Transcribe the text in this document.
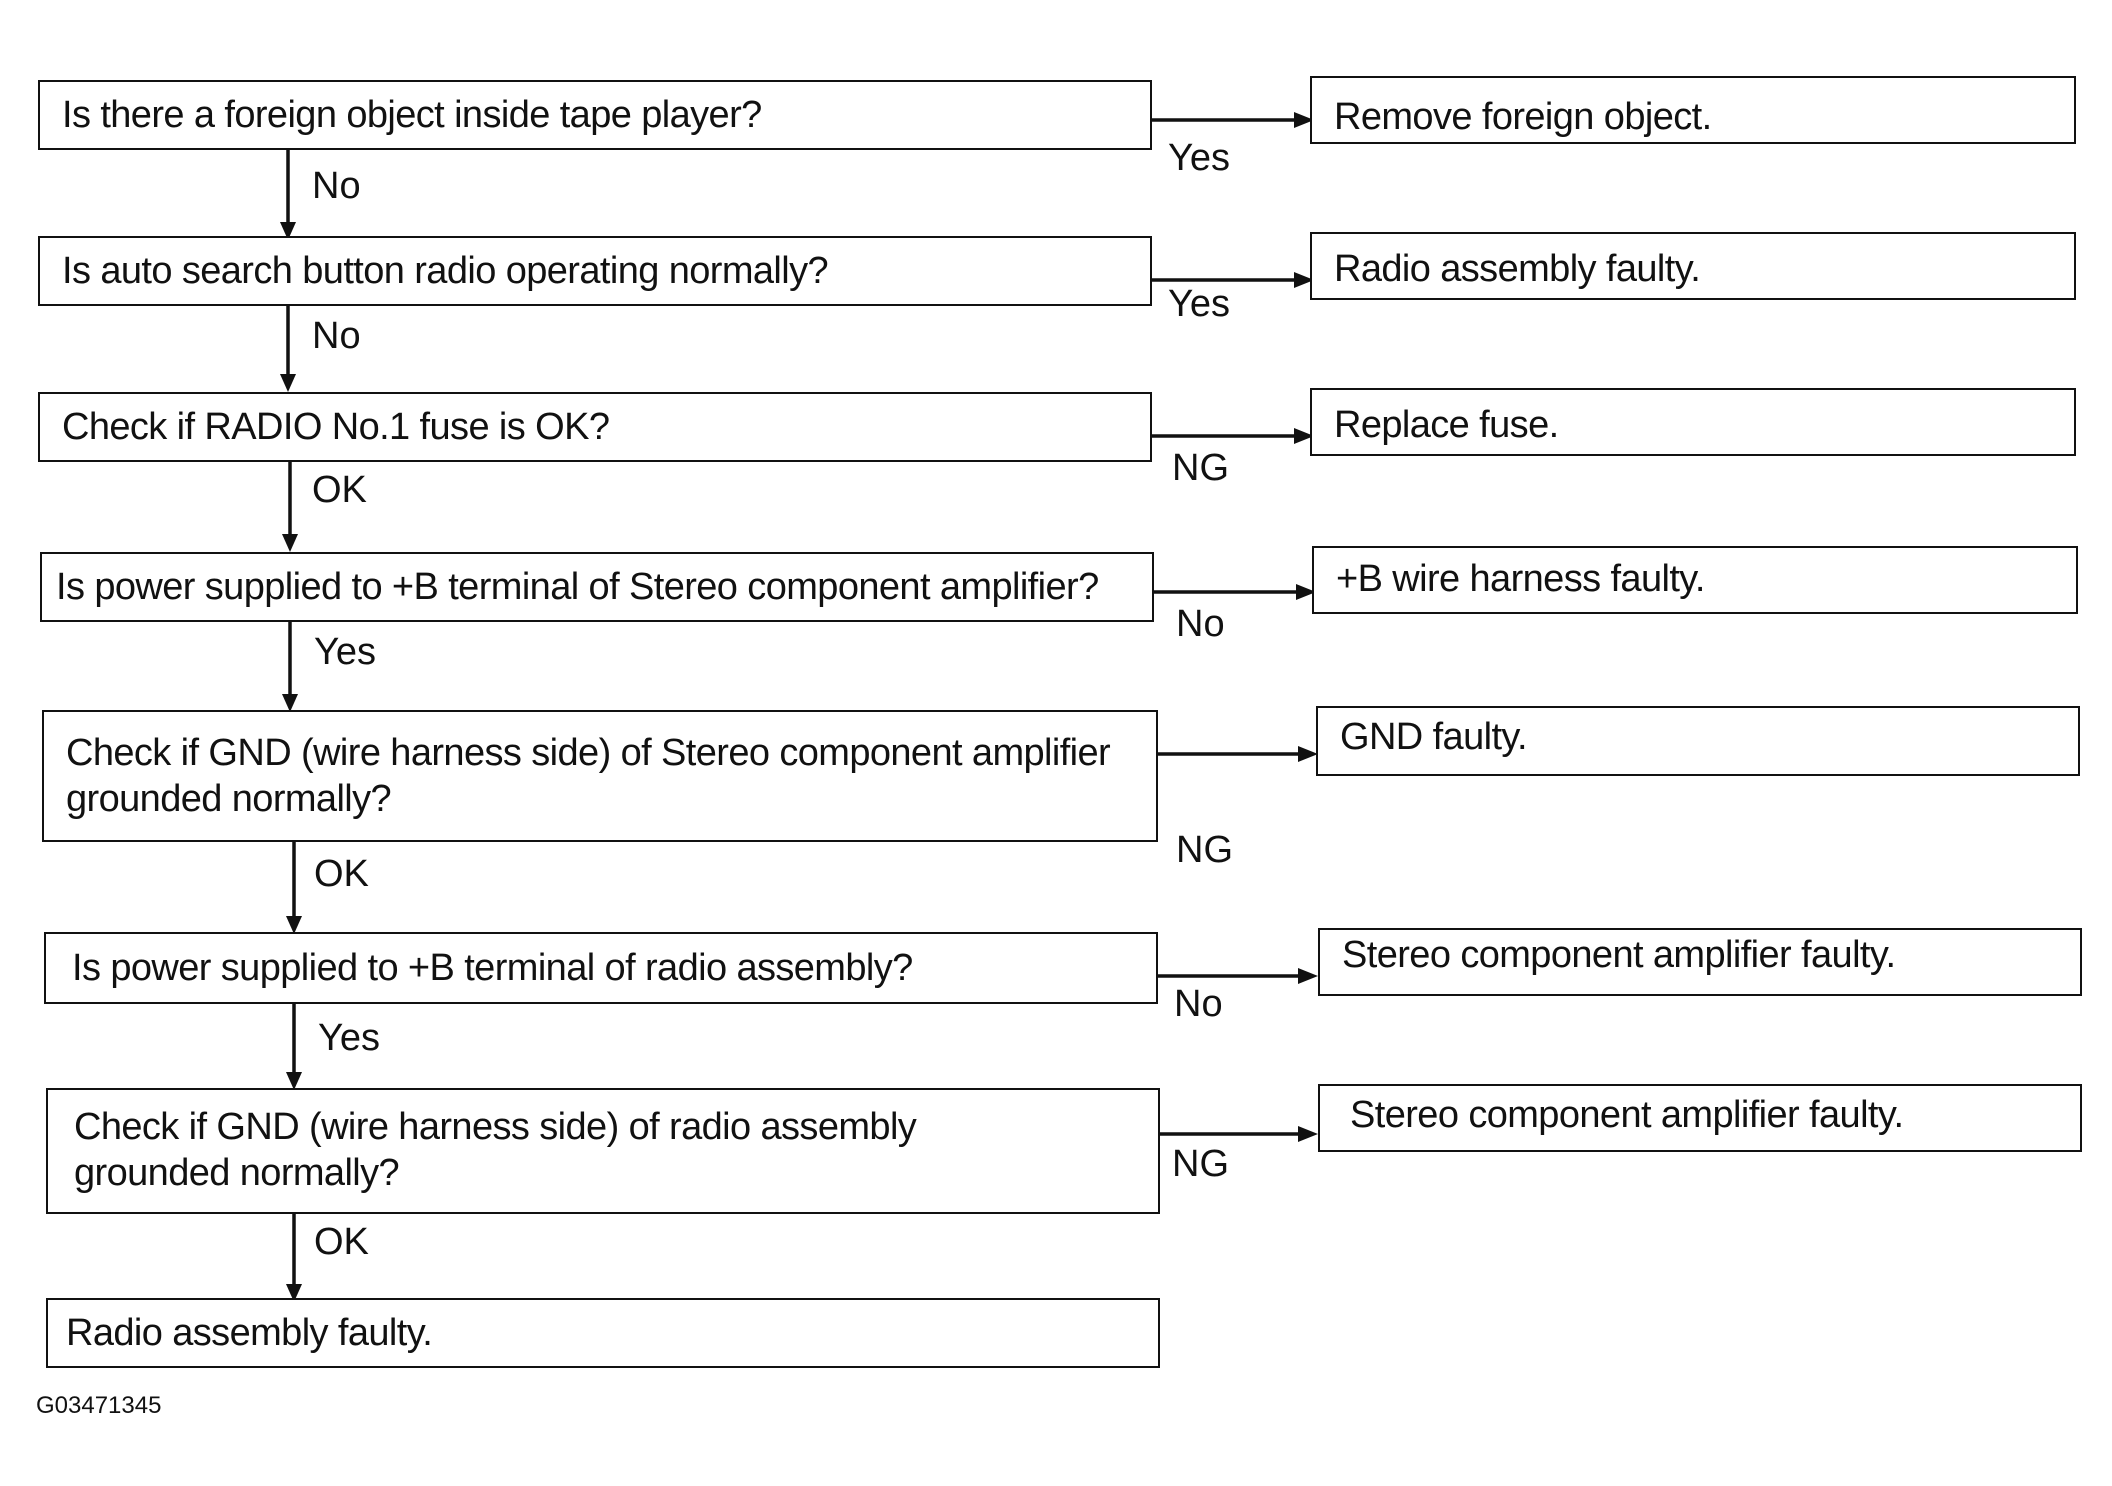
Is there a foreign object inside tape player?
Is auto search button radio operating normally?
Check if RADIO No.1 fuse is OK?
Is power supplied to +B terminal of Stereo component amplifier?
Check if GND (wire harness side) of Stereo component amplifier
grounded normally?
Is power supplied to +B terminal of radio assembly?
Check if GND (wire harness side) of radio assembly
grounded normally?
Radio assembly faulty.
Remove foreign object.
Radio assembly faulty.
Replace fuse.
+B wire harness faulty.
GND faulty.
Stereo component amplifier faulty.
Stereo component amplifier faulty.
No
No
OK
Yes
OK
Yes
OK
Yes
Yes
NG
No
NG
No
NG
G03471345
